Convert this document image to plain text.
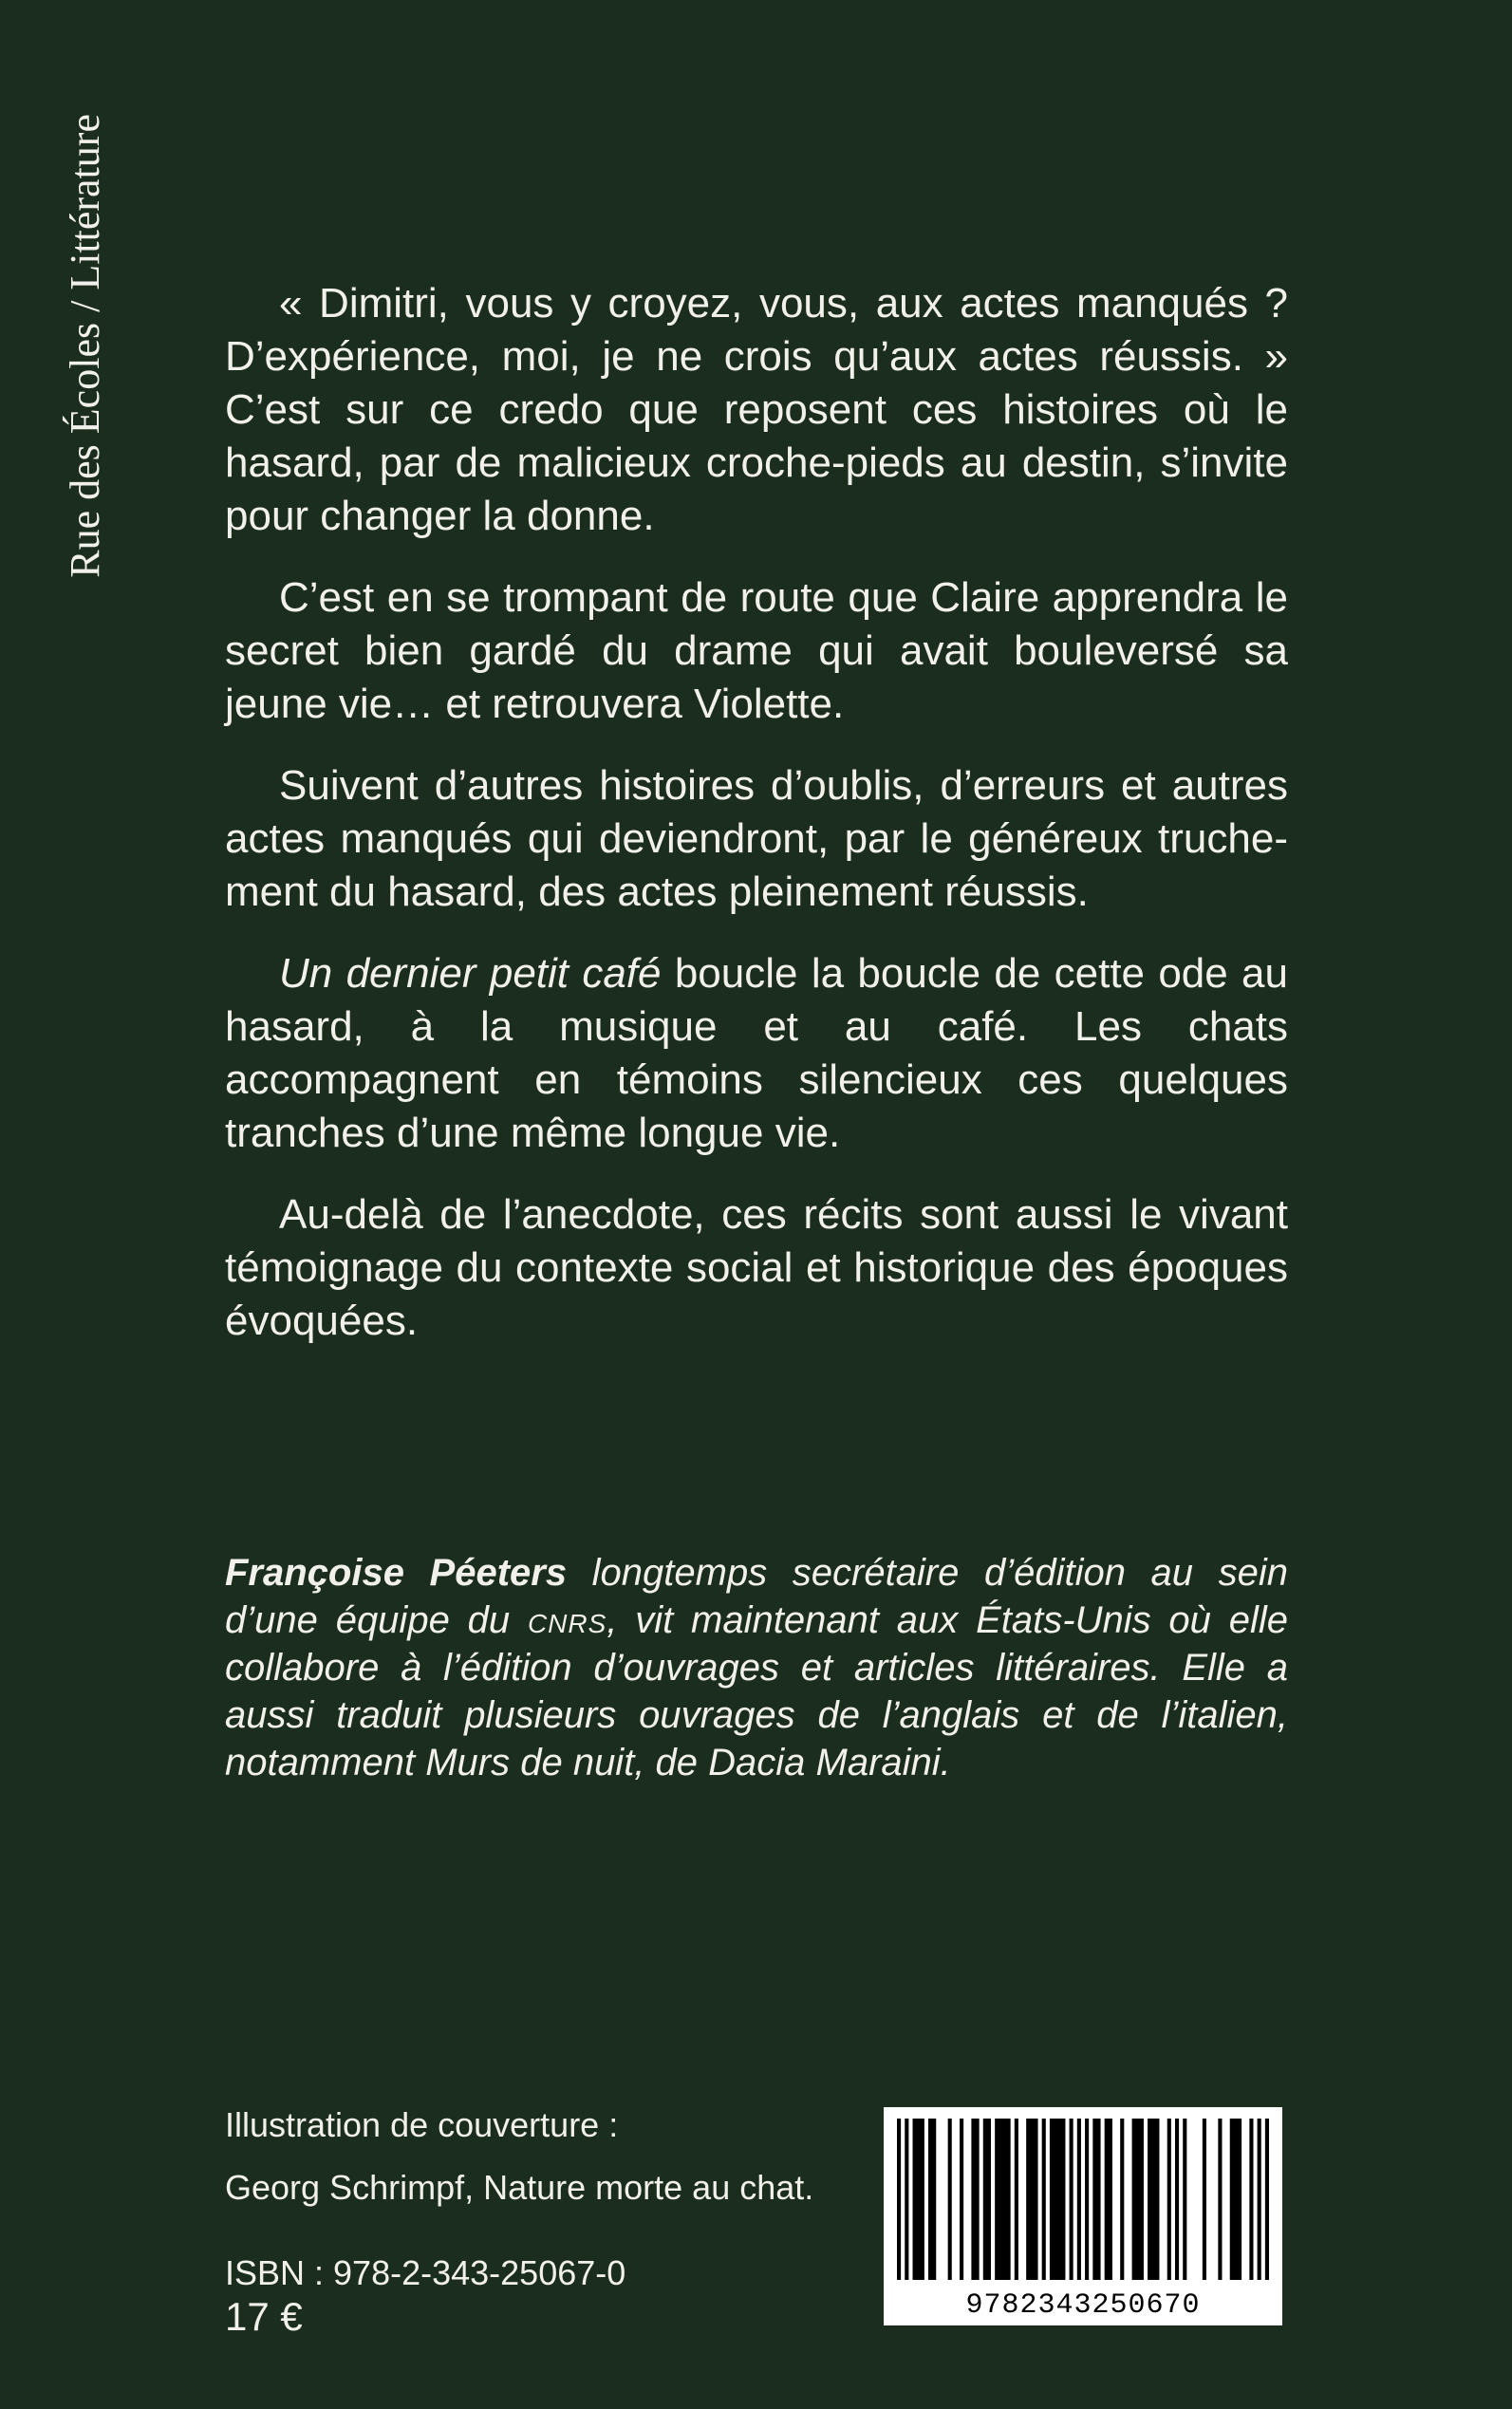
Rue des Écoles / Littérature	« Dimitri, vous y croyez, vous, aux actes manqués ? D’expérience, moi, je ne crois qu’aux actes réussis. » C’est sur ce credo que reposent ces histoires où le hasard, par de malicieux croche-pieds au destin, s’invite pour changer la donne.

C’est en se trompant de route que Claire apprendra le secret bien gardé du drame qui avait bouleversé sa jeune vie… et retrouvera Violette.

Suivent d’autres histoires d’oublis, d’erreurs et autres actes manqués qui deviendront, par le généreux truchement du hasard, des actes pleinement réussis.

Un dernier petit café boucle la boucle de cette ode au hasard, à la musique et au café. Les chats accompagnent en témoins silencieux ces quelques tranches d’une même longue vie.

Au-delà de l’anecdote, ces récits sont aussi le vivant témoignage du contexte social et historique des époques évoquées.

Françoise Péeters longtemps secrétaire d’édition au sein d’une équipe du cnrs, vit maintenant aux États-Unis où elle collabore à l’édition d’ouvrages et articles littéraires. Elle a aussi traduit plusieurs ouvrages de l’anglais et de l’italien, notamment Murs de nuit, de Dacia Maraini.
Illustration de couverture :
Georg Schrimpf, Nature morte au chat.
ISBN : 978-2-343-25067-0
17 €	9782343250670
